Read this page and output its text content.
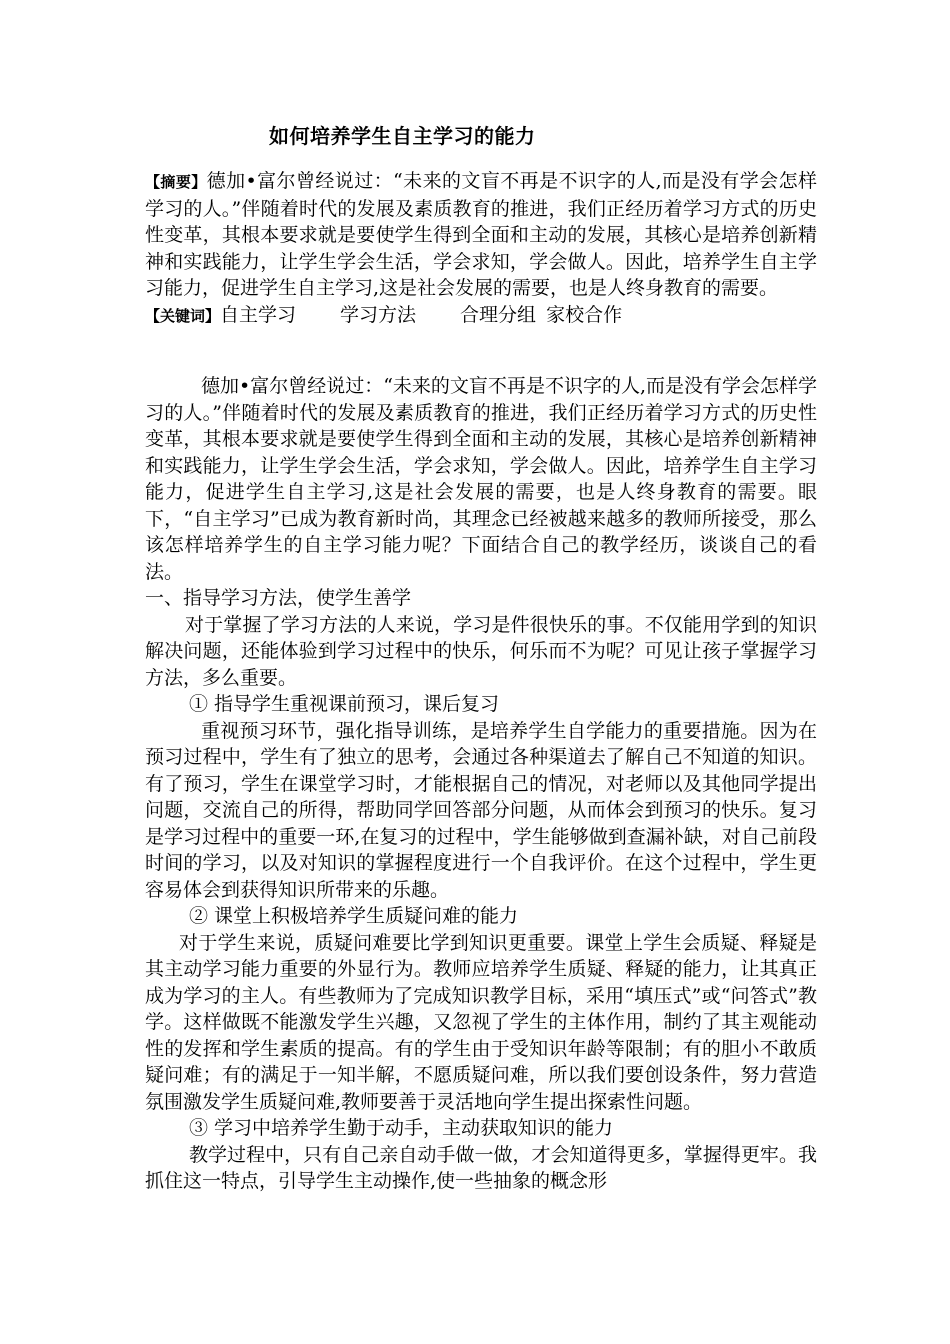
如何培养学生自主学习的能力

【摘要】德加•富尔曾经说过：“未来的文盲不再是不识字的人,而是没有学会怎样学习的人。”伴随着时代的发展及素质教育的推进，我们正经历着学习方式的历史性变革，其根本要求就是要使学生得到全面和主动的发展，其核心是培养创新精神和实践能力，让学生学会生活，学会求知，学会做人。因此，培养学生自主学习能力，促进学生自主学习,这是社会发展的需要，也是人终身教育的需要。

【关键词】自主学习 学习方法 合理分组 家校合作

德加•富尔曾经说过：“未来的文盲不再是不识字的人,而是没有学会怎样学习的人。”伴随着时代的发展及素质教育的推进，我们正经历着学习方式的历史性变革，其根本要求就是要使学生得到全面和主动的发展，其核心是培养创新精神和实践能力，让学生学会生活，学会求知，学会做人。因此，培养学生自主学习能力，促进学生自主学习,这是社会发展的需要，也是人终身教育的需要。眼下，“自主学习”已成为教育新时尚，其理念已经被越来越多的教师所接受，那么该怎样培养学生的自主学习能力呢？下面结合自己的教学经历，谈谈自己的看法。

一、指导学习方法，使学生善学

对于掌握了学习方法的人来说，学习是件很快乐的事。不仅能用学到的知识解决问题，还能体验到学习过程中的快乐，何乐而不为呢？可见让孩子掌握学习方法，多么重要。

① 指导学生重视课前预习，课后复习

重视预习环节，强化指导训练，是培养学生自学能力的重要措施。因为在预习过程中，学生有了独立的思考，会通过各种渠道去了解自己不知道的知识。有了预习，学生在课堂学习时，才能根据自己的情况，对老师以及其他同学提出问题，交流自己的所得，帮助同学回答部分问题，从而体会到预习的快乐。复习是学习过程中的重要一环,在复习的过程中，学生能够做到查漏补缺，对自己前段时间的学习，以及对知识的掌握程度进行一个自我评价。在这个过程中，学生更容易体会到获得知识所带来的乐趣。

② 课堂上积极培养学生质疑问难的能力

对于学生来说，质疑问难要比学到知识更重要。课堂上学生会质疑、释疑是其主动学习能力重要的外显行为。教师应培养学生质疑、释疑的能力，让其真正成为学习的主人。有些教师为了完成知识教学目标，采用“填压式”或“问答式”教学。这样做既不能激发学生兴趣，又忽视了学生的主体作用，制约了其主观能动性的发挥和学生素质的提高。有的学生由于受知识年龄等限制；有的胆小不敢质疑问难；有的满足于一知半解，不愿质疑问难，所以我们要创设条件，努力营造氛围激发学生质疑问难,教师要善于灵活地向学生提出探索性问题。

③ 学习中培养学生勤于动手，主动获取知识的能力

教学过程中，只有自己亲自动手做一做，才会知道得更多，掌握得更牢。我抓住这一特点，引导学生主动操作,使一些抽象的概念形
